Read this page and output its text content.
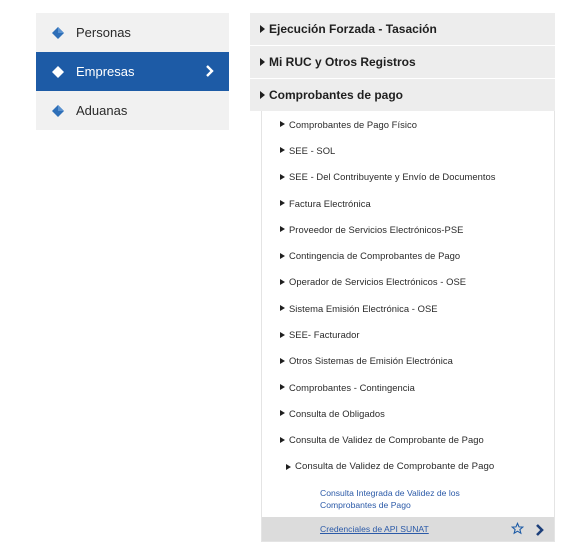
Personas
Empresas
Aduanas
Ejecución Forzada - Tasación
Mi RUC y Otros Registros
Comprobantes de pago
Comprobantes de Pago Físico
SEE - SOL
SEE - Del Contribuyente y Envío de Documentos
Factura Electrónica
Proveedor de Servicios Electrónicos-PSE
Contingencia de Comprobantes de Pago
Operador de Servicios Electrónicos - OSE
Sistema Emisión Electrónica - OSE
SEE- Facturador
Otros Sistemas de Emisión Electrónica
Comprobantes - Contingencia
Consulta de Obligados
Consulta de Validez de Comprobante de Pago
Consulta de Validez de Comprobante de Pago
Consulta Integrada de Validez de los
Comprobantes de Pago
Credenciales de API SUNAT
